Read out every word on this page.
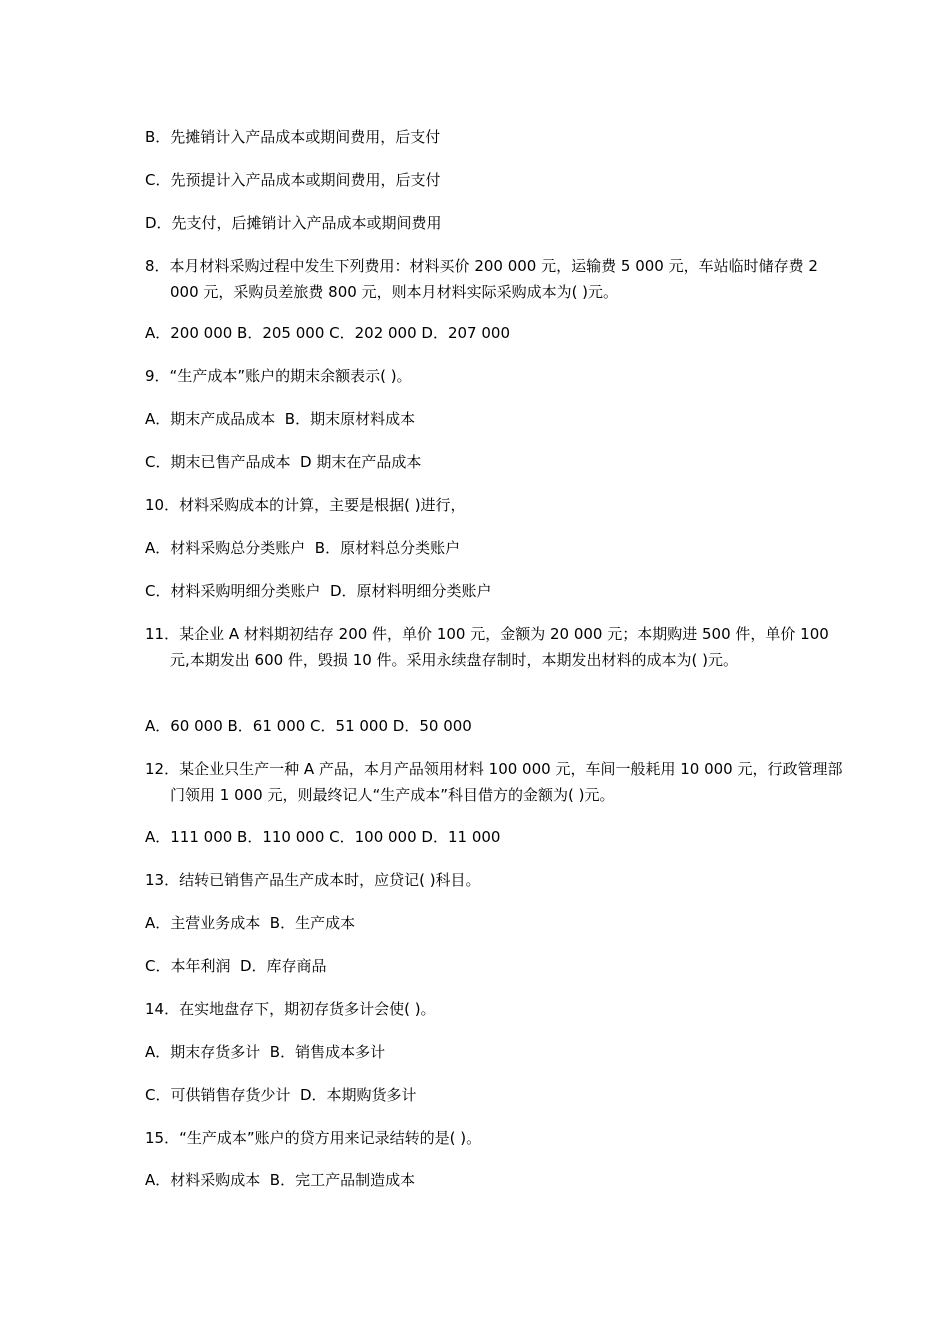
B．先摊销计入产品成本或期间费用，后支付
C．先预提计入产品成本或期间费用，后支付
D．先支付，后摊销计入产品成本或期间费用
8．本月材料采购过程中发生下列费用：材料买价 200 000 元，运输费 5 000 元，车站临时储存费 2 000 元，采购员差旅费 800 元，则本月材料实际采购成本为( )元。
A．200 000 B．205 000 C．202 000 D．207 000
9．“生产成本”账户的期末余额表示( )。
A．期末产成品成本  B．期末原材料成本
C．期末已售产品成本  D 期末在产品成本
10．材料采购成本的计算，主要是根据( )进行，
A．材料采购总分类账户  B．原材料总分类账户
C．材料采购明细分类账户  D．原材料明细分类账户
11．某企业 A 材料期初结存 200 件，单价 100 元，金额为 20 000 元；本期购进 500 件，单价 100 元,本期发出 600 件，毁损 10 件。采用永续盘存制时，本期发出材料的成本为( )元。
A．60 000 B．61 000 C．51 000 D．50 000
12．某企业只生产一种 A 产品，本月产品领用材料 100 000 元，车间一般耗用 10 000 元，行政管理部门领用 1 000 元，则最终记人“生产成本”科目借方的金额为( )元。
A．111 000 B．110 000 C．100 000 D．11 000
13．结转已销售产品生产成本时，应贷记( )科目。
A．主营业务成本  B．生产成本
C．本年利润  D．库存商品
14．在实地盘存下，期初存货多计会使( )。
A．期末存货多计  B．销售成本多计
C．可供销售存货少计  D．本期购货多计
15．“生产成本”账户的贷方用来记录结转的是( )。
A．材料采购成本  B．完工产品制造成本
